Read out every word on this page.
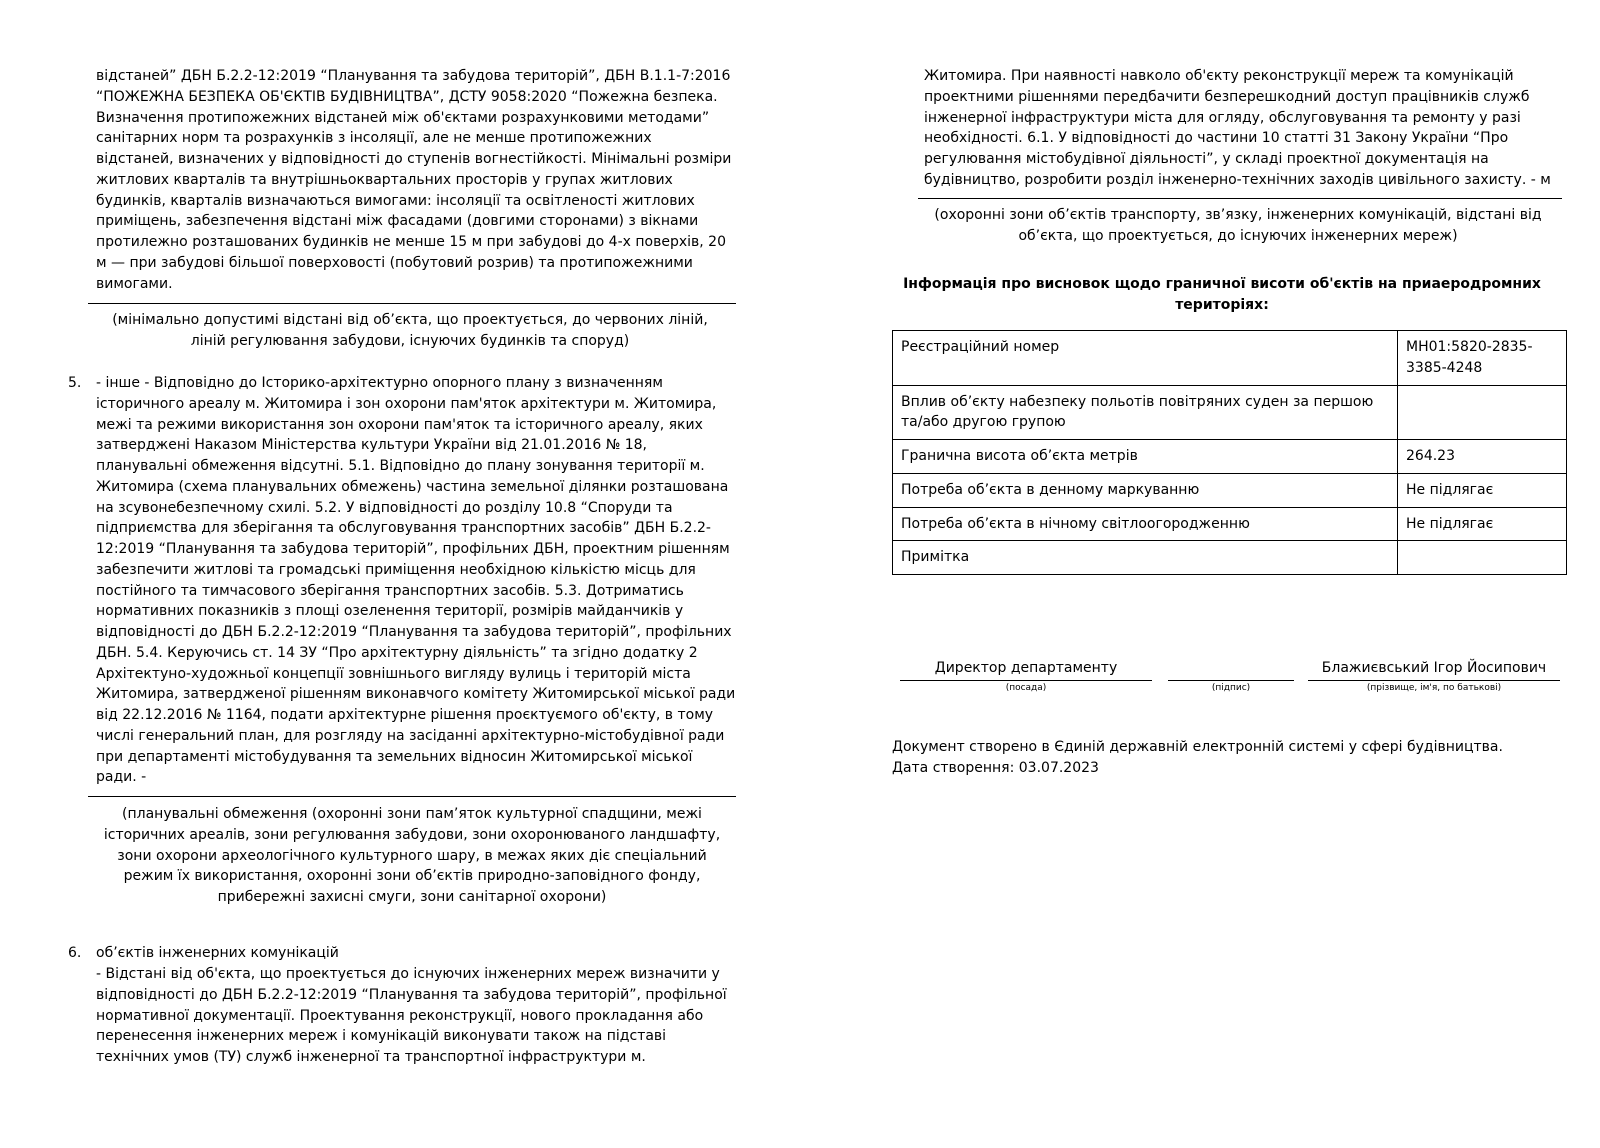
відстаней” ДБН Б.2.2-12:2019 “Планування та забудова територій”, ДБН В.1.1-7:2016 “ПОЖЕЖНА БЕЗПЕКА ОБ'ЄКТІВ БУДІВНИЦТВА”, ДСТУ 9058:2020 “Пожежна безпека. Визначення протипожежних відстаней між об'єктами розрахунковими методами” санітарних норм та розрахунків з інсоляції, але не менше протипожежних відстаней, визначених у відповідності до ступенів вогнестійкості. Мінімальні розміри житлових кварталів та внутрішньоквартальних просторів у групах житлових будинків, кварталів визначаються вимогами: інсоляції та освітленості житлових приміщень, забезпечення відстані між фасадами (довгими сторонами) з вікнами протилежно розташованих будинків не менше 15 м при забудові до 4-х поверхів, 20 м — при забудові більшої поверховості (побутовий розрив) та протипожежними вимогами.
(мінімально допустимі відстані від об’єкта, що проектується, до червоних ліній, ліній регулювання забудови, існуючих будинків та споруд)
5. - інше - Відповідно до Історико-архітектурно опорного плану з визначенням історичного ареалу м. Житомира і зон охорони пам'яток архітектури м. Житомира, межі та режими використання зон охорони пам'яток та історичного ареалу, яких затверджені Наказом Міністерства культури України від 21.01.2016 № 18, планувальні обмеження відсутні. 5.1. Відповідно до плану зонування території м. Житомира (схема планувальних обмежень) частина земельної ділянки розташована на зсувонебезпечному схилі. 5.2. У відповідності до розділу 10.8 “Споруди та підприємства для зберігання та обслуговування транспортних засобів” ДБН Б.2.2-12:2019 “Планування та забудова територій”, профільних ДБН, проектним рішенням забезпечити житлові та громадські приміщення необхідною кількістю місць для постійного та тимчасового зберігання транспортних засобів. 5.3. Дотриматись нормативних показників з площі озеленення території, розмірів майданчиків у відповідності до ДБН Б.2.2-12:2019 “Планування та забудова територій”, профільних ДБН. 5.4. Керуючись ст. 14 ЗУ “Про архітектурну діяльність” та згідно додатку 2 Архітектуно-художньої концепції зовнішнього вигляду вулиць і територій міста Житомира, затвердженої рішенням виконавчого комітету Житомирської міської ради від 22.12.2016 № 1164, подати архітектурне рішення проєктуємого об'єкту, в тому числі генеральний план, для розгляду на засіданні архітектурно-містобудівної ради при департаменті містобудування та земельних відносин Житомирської міської ради. -
(планувальні обмеження (охоронні зони пам’яток культурної спадщини, межі історичних ареалів, зони регулювання забудови, зони охоронюваного ландшафту, зони охорони археологічного культурного шару, в межах яких діє спеціальний режим їх використання, охоронні зони об’єктів природно-заповідного фонду, прибережні захисні смуги, зони санітарної охорони)
6. об’єктів інженерних комунікацій
- Відстані від об'єкта, що проектується до існуючих інженерних мереж визначити у відповідності до ДБН Б.2.2-12:2019 “Планування та забудова територій”, профільної нормативної документації. Проектування реконструкції, нового прокладання або перенесення інженерних мереж і комунікацій виконувати також на підставі технічних умов (ТУ) служб інженерної та транспортної інфраструктури м.
Житомира. При наявності навколо об'єкту реконструкції мереж та комунікацій проектними рішеннями передбачити безперешкодний доступ працівників служб інженерної інфраструктури міста для огляду, обслуговування та ремонту у разі необхідності. 6.1. У відповідності до частини 10 статті 31 Закону України “Про регулювання містобудівної діяльності”, у складі проектної документація на будівництво, розробити розділ інженерно-технічних заходів цивільного захисту. - м
(охоронні зони об’єктів транспорту, зв’язку, інженерних комунікацій, відстані від об’єкта, що проектується, до існуючих інженерних мереж)
Інформація про висновок щодо граничної висоти об'єктів на приаеродромних територіях:
Реєстраційний номер	МН01:5820-2835-3385-4248
Вплив об’єкту набезпеку польотів повітряних суден за першою та/або другою групою	
Гранична висота об’єкта метрів	264.23
Потреба об’єкта в денному маркуванню	Не підлягає
Потреба об’єкта в нічному світлоогородженню	Не підлягає
Примітка	
Директор департаменту
(посада)	(підпис)
Блажиєвський Ігор Йосипович
(прізвище, ім'я, по батькові)
Документ створено в Єдиній державній електронній системі у сфері будівництва.
Дата створення: 03.07.2023
